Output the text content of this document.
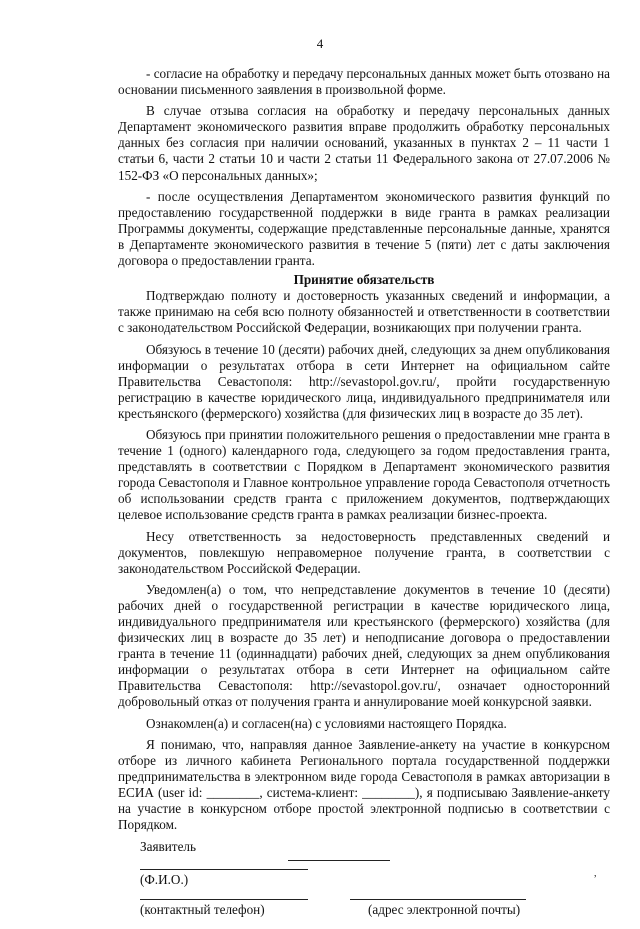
4

- согласие на обработку и передачу персональных данных может быть отозвано на основании письменного заявления в произвольной форме.

В случае отзыва согласия на обработку и передачу персональных данных Департамент экономического развития вправе продолжить обработку персональных данных без согласия при наличии оснований, указанных в пунктах 2 – 11 части 1 статьи 6, части 2 статьи 10 и части 2 статьи 11 Федерального закона от 27.07.2006 № 152-ФЗ «О персональных данных»;

- после осуществления Департаментом экономического развития функций по предоставлению государственной поддержки в виде гранта в рамках реализации Программы документы, содержащие представленные персональные данные, хранятся в Департаменте экономического развития в течение 5 (пяти) лет с даты заключения договора о предоставлении гранта.

Принятие обязательств

Подтверждаю полноту и достоверность указанных сведений и информации, а также принимаю на себя всю полноту обязанностей и ответственности в соответствии с законодательством Российской Федерации, возникающих при получении гранта.

Обязуюсь в течение 10 (десяти) рабочих дней, следующих за днем опубликования информации о результатах отбора в сети Интернет на официальном сайте Правительства Севастополя: http://sevastopol.gov.ru/, пройти государственную регистрацию в качестве юридического лица, индивидуального предпринимателя или крестьянского (фермерского) хозяйства (для физических лиц в возрасте до 35 лет).

Обязуюсь при принятии положительного решения о предоставлении мне гранта в течение 1 (одного) календарного года, следующего за годом предоставления гранта, представлять в соответствии с Порядком в Департамент экономического развития города Севастополя и Главное контрольное управление города Севастополя отчетность об использовании средств гранта с приложением документов, подтверждающих целевое использование средств гранта в рамках реализации бизнес-проекта.

Несу ответственность за недостоверность представленных сведений и документов, повлекшую неправомерное получение гранта, в соответствии с законодательством Российской Федерации.

Уведомлен(а) о том, что непредставление документов в течение 10 (десяти) рабочих дней о государственной регистрации в качестве юридического лица, индивидуального предпринимателя или крестьянского (фермерского) хозяйства (для физических лиц в возрасте до 35 лет) и неподписание договора о предоставлении гранта в течение 11 (одиннадцати) рабочих дней, следующих за днем опубликования информации о результатах отбора в сети Интернет на официальном сайте Правительства Севастополя: http://sevastopol.gov.ru/, означает односторонний добровольный отказ от получения гранта и аннулирование моей конкурсной заявки.

Ознакомлен(а) и согласен(на) с условиями настоящего Порядка.

Я понимаю, что, направляя данное Заявление-анкету на участие в конкурсном отборе из личного кабинета Регионального портала государственной поддержки предпринимательства в электронном виде города Севастополя в рамках авторизации в ЕСИА (user id: ________, система-клиент: ________), я подписываю Заявление-анкету на участие в конкурсном отборе простой электронной подписью в соответствии с Порядком.

Заявитель

(Ф.И.О.)
(контактный телефон)	(адрес электронной почты)
,
